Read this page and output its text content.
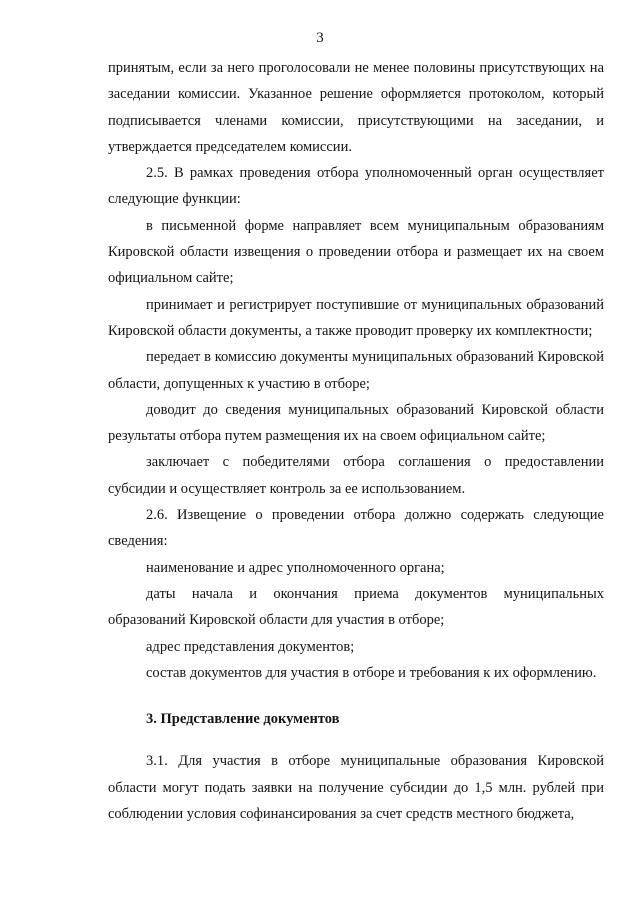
3

принятым, если за него проголосовали не менее половины присутствующих на заседании комиссии. Указанное решение оформляется протоколом, который подписывается членами комиссии, присутствующими на заседании, и утверждается председателем комиссии.

2.5. В рамках проведения отбора уполномоченный орган осуществляет следующие функции:

в письменной форме направляет всем муниципальным образованиям Кировской области извещения о проведении отбора и размещает их на своем официальном сайте;

принимает и регистрирует поступившие от муниципальных образований Кировской области документы, а также проводит проверку их комплектности;

передает в комиссию документы муниципальных образований Кировской области, допущенных к участию в отборе;

доводит до сведения муниципальных образований Кировской области результаты отбора путем размещения их на своем официальном сайте;

заключает с победителями отбора соглашения о предоставлении субсидии и осуществляет контроль за ее использованием.

2.6. Извещение о проведении отбора должно содержать следующие сведения:

наименование и адрес уполномоченного органа;

даты начала и окончания приема документов муниципальных образований Кировской области для участия в отборе;

адрес представления документов;

состав документов для участия в отборе и требования к их оформлению.

3. Представление документов

3.1. Для участия в отборе муниципальные образования Кировской области могут подать заявки на получение субсидии до 1,5 млн. рублей при соблюдении условия софинансирования за счет средств местного бюджета,
